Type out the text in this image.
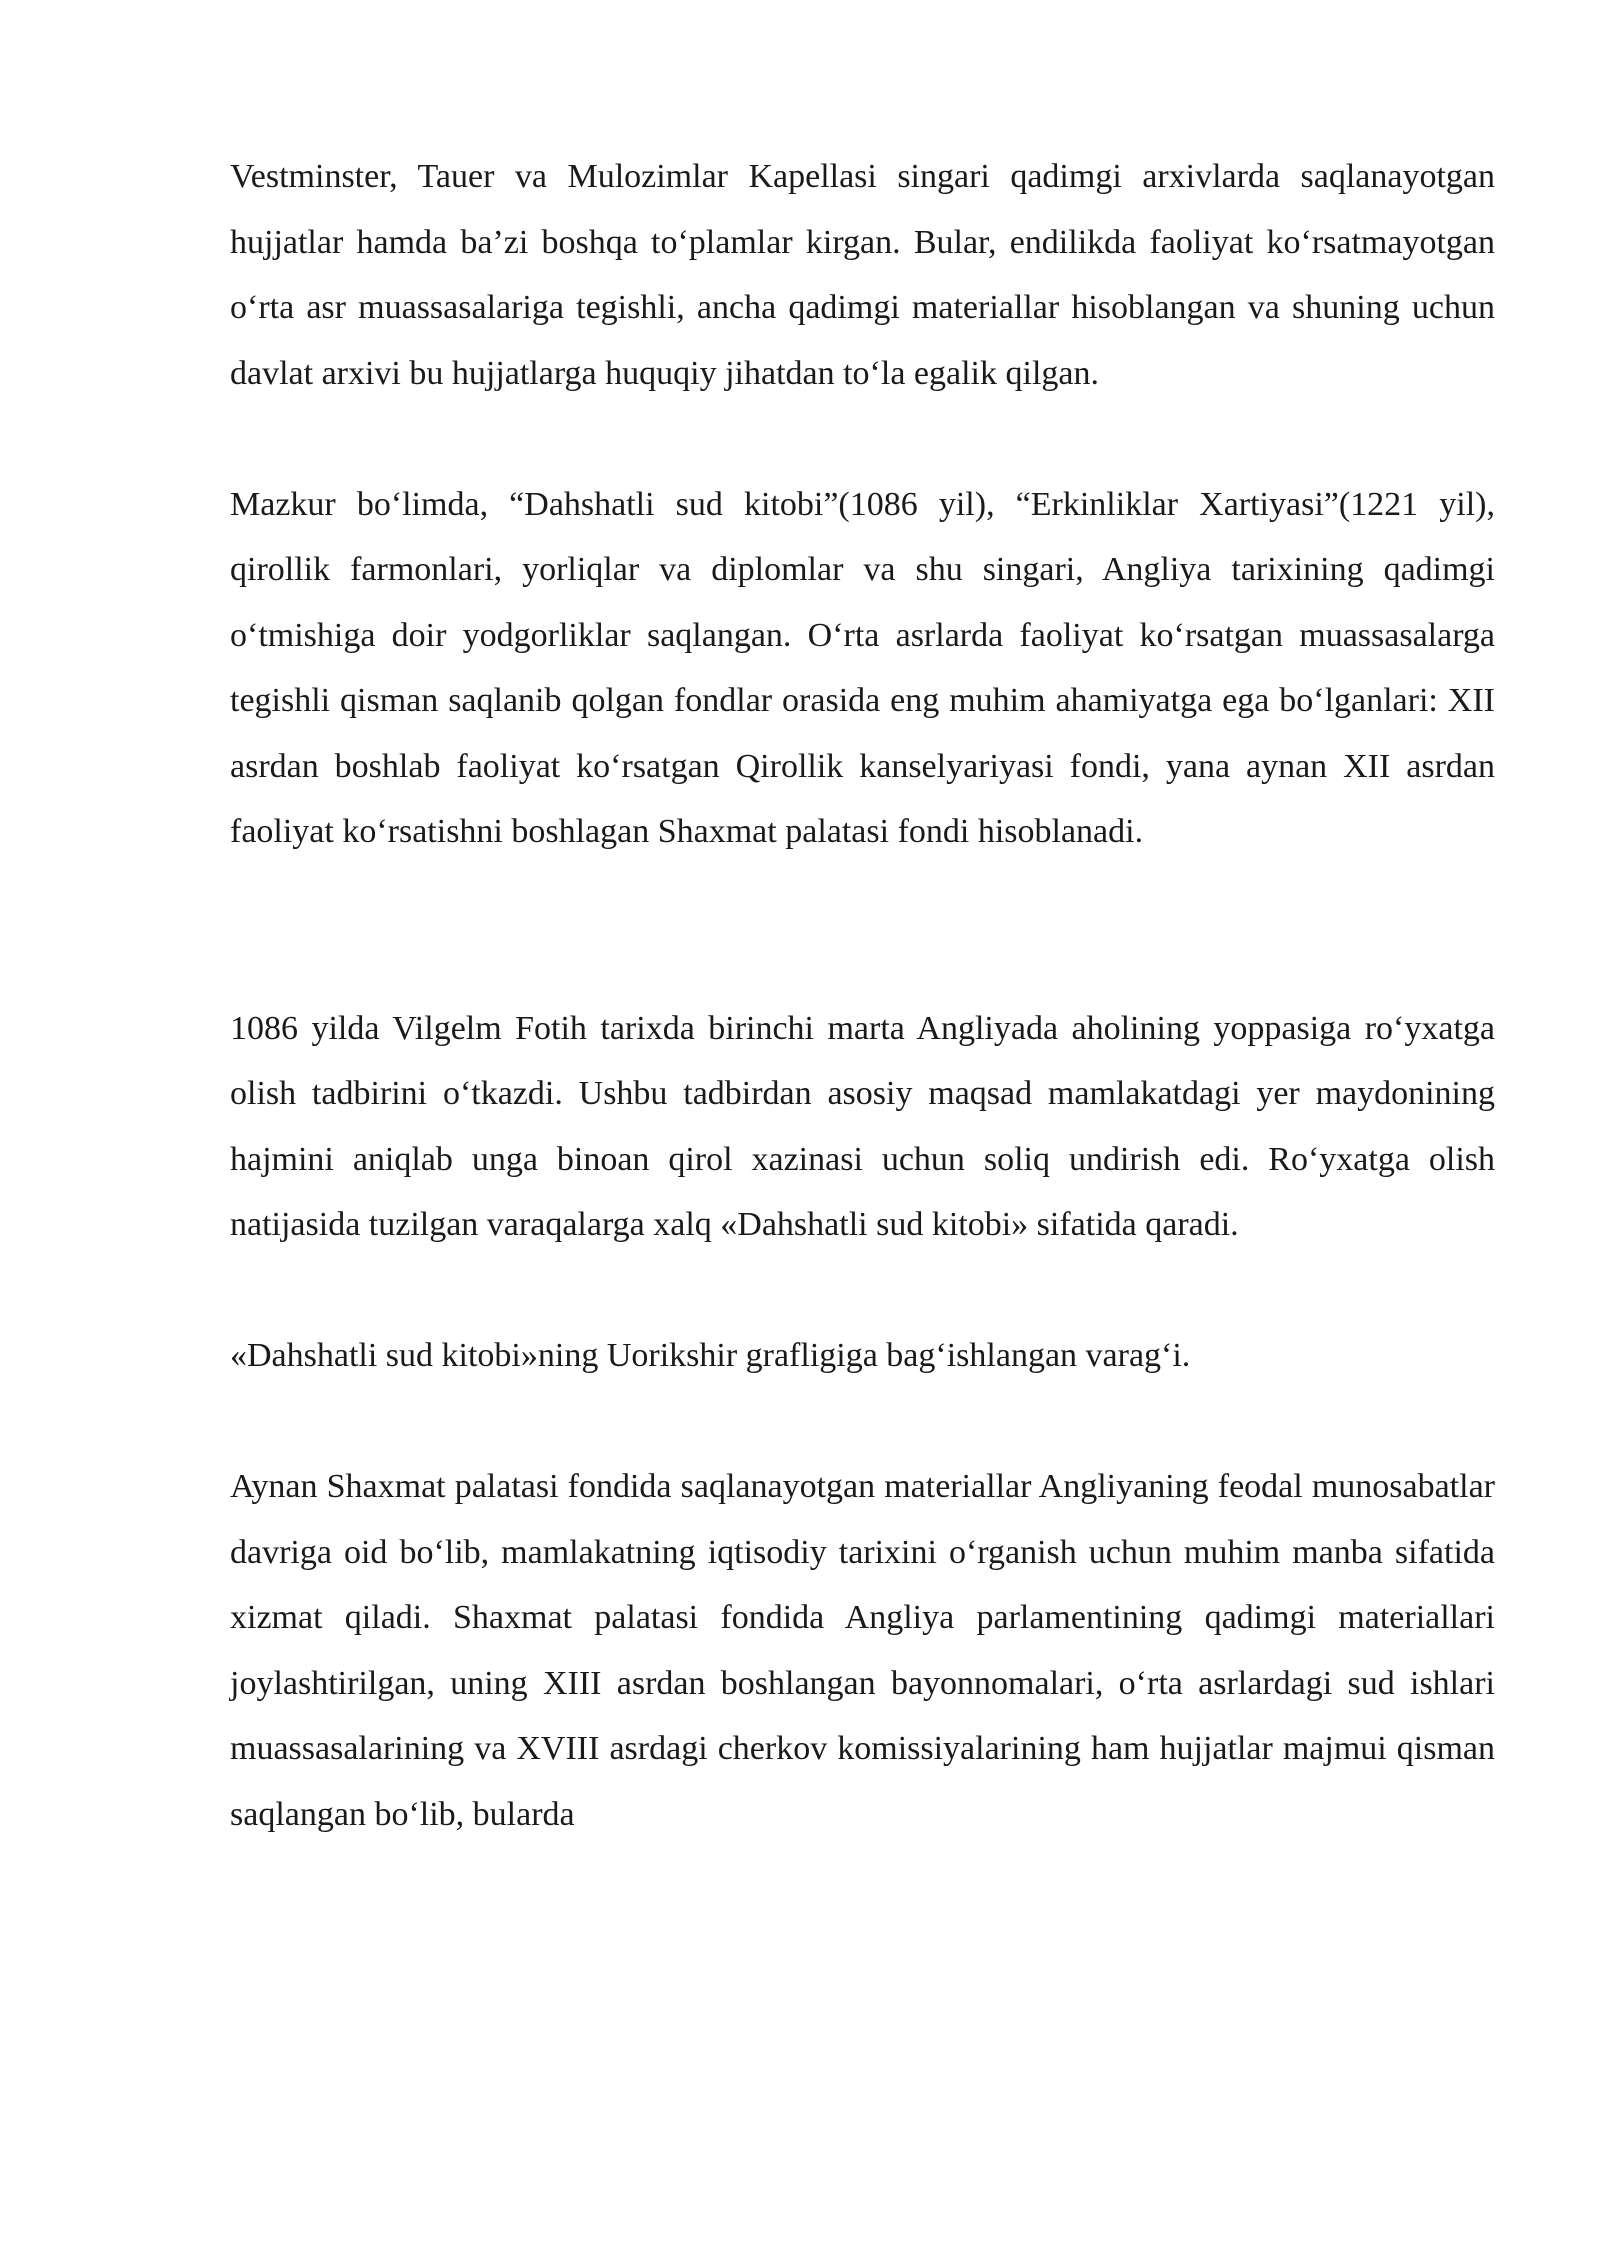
Vestminster, Tauer va Mulozimlar Kapellasi singari qadimgi arxivlarda saqlanayotgan hujjatlar hamda ba’zi boshqa to‘plamlar kirgan. Bular, endilikda faoliyat ko‘rsatmayotgan o‘rta asr muassasalariga tegishli, ancha qadimgi materiallar hisoblangan va shuning uchun davlat arxivi bu hujjatlarga huquqiy jihatdan to‘la egalik qilgan.

Mazkur bo‘limda, “Dahshatli sud kitobi”(1086 yil), “Erkinliklar Xartiyasi”(1221 yil), qirollik farmonlari, yorliqlar va diplomlar va shu singari, Angliya tarixining qadimgi o‘tmishiga doir yodgorliklar saqlangan. O‘rta asrlarda faoliyat ko‘rsatgan muassasalarga tegishli qisman saqlanib qolgan fondlar orasida eng muhim ahamiyatga ega bo‘lganlari: XII asrdan boshlab faoliyat ko‘rsatgan Qirollik kanselyariyasi fondi, yana aynan XII asrdan faoliyat ko‘rsatishni boshlagan Shaxmat palatasi fondi hisoblanadi.

1086 yilda Vilgelm Fotih tarixda birinchi marta Angliyada aholining yoppasiga ro‘yxatga olish tadbirini o‘tkazdi. Ushbu tadbirdan asosiy maqsad mamlakatdagi yer maydonining hajmini aniqlab unga binoan qirol xazinasi uchun soliq undirish edi. Ro‘yxatga olish natijasida tuzilgan varaqalarga xalq «Dahshatli sud kitobi» sifatida qaradi.

«Dahshatli sud kitobi»ning Uorikshir grafligiga bag‘ishlangan varag‘i.

Aynan Shaxmat palatasi fondida saqlanayotgan materiallar Angliyaning feodal munosabatlar davriga oid bo‘lib, mamlakatning iqtisodiy tarixini o‘rganish uchun muhim manba sifatida xizmat qiladi. Shaxmat palatasi fondida Angliya parlamentining qadimgi materiallari joylashtirilgan, uning XIII asrdan boshlangan bayonnomalari, o‘rta asrlardagi sud ishlari muassasalarining va XVIII asrdagi cherkov komissiyalarining ham hujjatlar majmui qisman saqlangan bo‘lib, bularda
